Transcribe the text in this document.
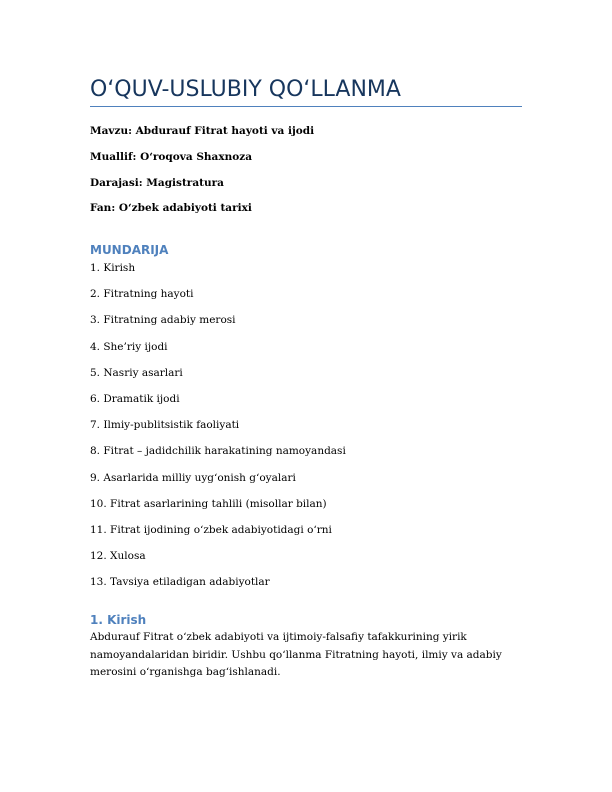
O‘QUV-USLUBIY QO‘LLANMA

Mavzu: Abdurauf Fitrat hayoti va ijodi

Muallif: O‘roqova Shaxnoza

Darajasi: Magistratura

Fan: O‘zbek adabiyoti tarixi

MUNDARIJA
1. Kirish
2. Fitratning hayoti
3. Fitratning adabiy merosi
4. She’riy ijodi
5. Nasriy asarlari
6. Dramatik ijodi
7. Ilmiy-publitsistik faoliyati
8. Fitrat – jadidchilik harakatining namoyandasi
9. Asarlarida milliy uyg‘onish g‘oyalari
10. Fitrat asarlarining tahlili (misollar bilan)
11. Fitrat ijodining o‘zbek adabiyotidagi o‘rni
12. Xulosa
13. Tavsiya etiladigan adabiyotlar
1. Kirish

Abdurauf Fitrat o‘zbek adabiyoti va ijtimoiy-falsafiy tafakkurining yirik namoyandalaridan biridir. Ushbu qo‘llanma Fitratning hayoti, ilmiy va adabiy merosini o‘rganishga bag‘ishlanadi.
